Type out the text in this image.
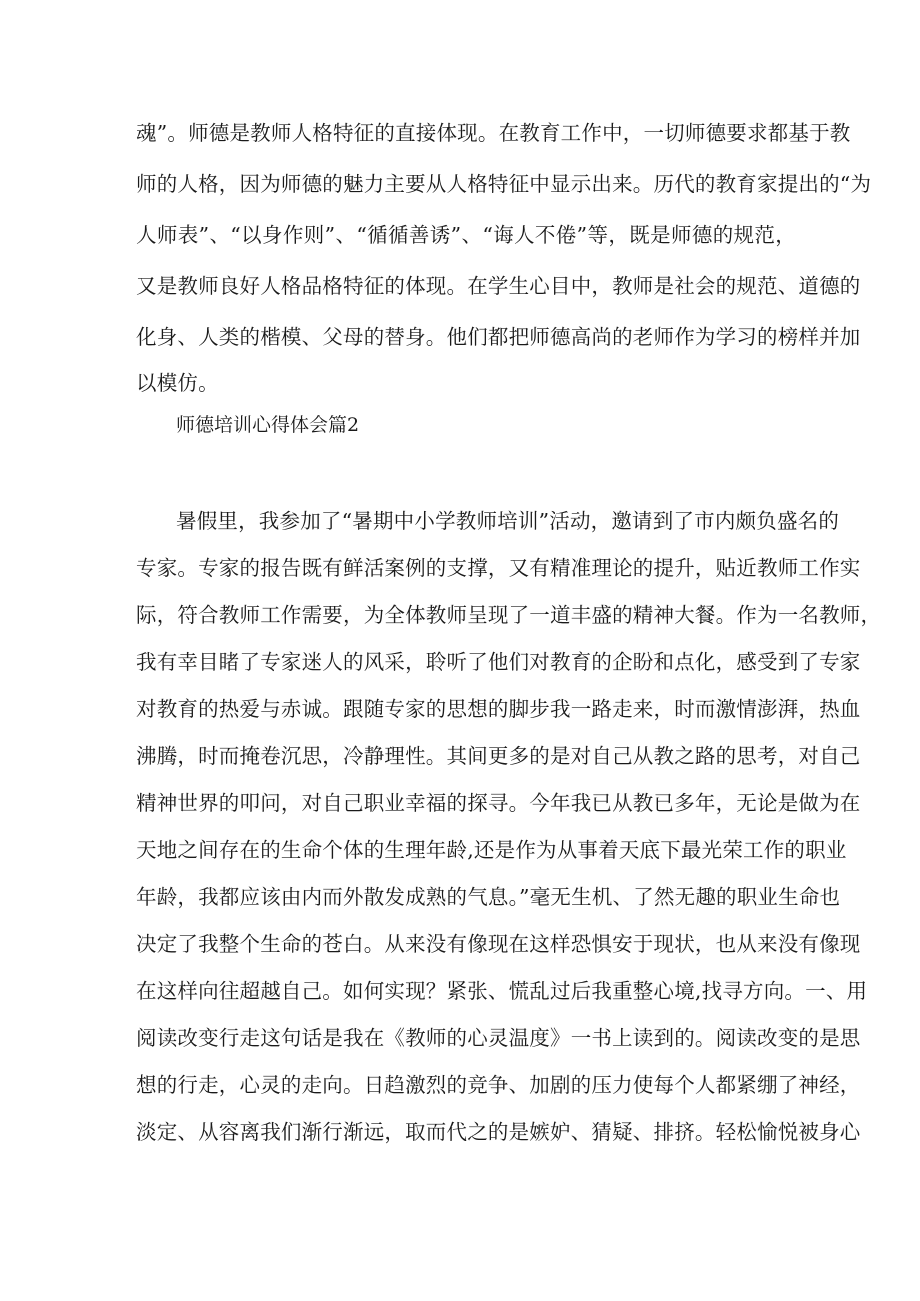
魂”。师德是教师人格特征的直接体现。在教育工作中，一切师德要求都基于教
师的人格，因为师德的魅力主要从人格特征中显示出来。历代的教育家提出的“为
人师表”、“以身作则”、“循循善诱”、“诲人不倦”等，既是师德的规范，
又是教师良好人格品格特征的体现。在学生心目中，教师是社会的规范、道德的
化身、人类的楷模、父母的替身。他们都把师德高尚的老师作为学习的榜样并加
以模仿。
师德培训心得体会篇2
暑假里，我参加了“暑期中小学教师培训”活动，邀请到了市内颇负盛名的
专家。专家的报告既有鲜活案例的支撑，又有精准理论的提升，贴近教师工作实
际，符合教师工作需要，为全体教师呈现了一道丰盛的精神大餐。作为一名教师，
我有幸目睹了专家迷人的风采，聆听了他们对教育的企盼和点化，感受到了专家
对教育的热爱与赤诚。跟随专家的思想的脚步我一路走来，时而激情澎湃，热血
沸腾，时而掩卷沉思，冷静理性。其间更多的是对自己从教之路的思考，对自己
精神世界的叩问，对自己职业幸福的探寻。今年我已从教已多年，无论是做为在
天地之间存在的生命个体的生理年龄,还是作为从事着天底下最光荣工作的职业
年龄，我都应该由内而外散发成熟的气息。”毫无生机、了然无趣的职业生命也
决定了我整个生命的苍白。从来没有像现在这样恐惧安于现状，也从来没有像现
在这样向往超越自己。如何实现？紧张、慌乱过后我重整心境,找寻方向。一、用
阅读改变行走这句话是我在《教师的心灵温度》一书上读到的。阅读改变的是思
想的行走，心灵的走向。日趋激烈的竞争、加剧的压力使每个人都紧绷了神经，
淡定、从容离我们渐行渐远，取而代之的是嫉妒、猜疑、排挤。轻松愉悦被身心
